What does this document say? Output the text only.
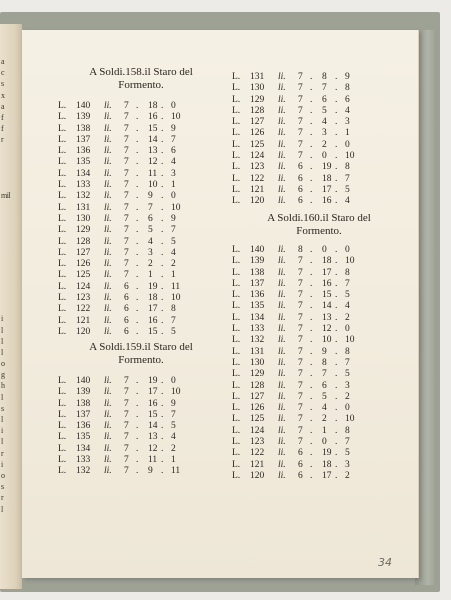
a
c
s
x
a
f
f
r
mil
i
l
l
l
o
g
h
l
s
l
i
l
r
i
o
s
r
l
A Soldi.158.il Staro del
Formento.
L. 140 li. 7 18 0
. .
L. 139 li. 7 16 10
. .
L. 138 li. 7 15 9
. .
L. 137 li. 7 14 7
. .
L. 136 li. 7 13 6
. .
L. 135 li. 7 12 4
. .
L. 134 li. 7 11 3
. .
L. 133 li. 7 10 1
. .
L. 132 li. 7 9 0
. .
L. 131 li. 7 7 10
. .
L. 130 li. 7 6 9
. .
L. 129 li. 7 5 7
. .
L. 128 li. 7 4 5
. .
L. 127 li. 7 3 4
. .
L. 126 li. 7 2 2
. .
L. 125 li. 7 1 1
. .
L. 124 li. 6 19 11
. .
L. 123 li. 6 18 10
. .
L. 122 li. 6 17 8
. .
L. 121 li. 6 16 7
. .
L. 120 li. 6 15 5
. .
A Soldi.159.il Staro del
Formento.
L. 140 li. 7 19 0
. .
L. 139 li. 7 17 10
. .
L. 138 li. 7 16 9
. .
L. 137 li. 7 15 7
. .
L. 136 li. 7 14 5
. .
L. 135 li. 7 13 4
. .
L. 134 li. 7 12 2
. .
L. 133 li. 7 11 1
. .
L. 132 li. 7 9 11
. .
L. 131 li. 7 8 9
. .
L. 130 li. 7 7 8
. .
L. 129 li. 7 6 6
. .
L. 128 li. 7 5 4
. .
L. 127 li. 7 4 3
. .
L. 126 li. 7 3 1
. .
L. 125 li. 7 2 0
. .
L. 124 li. 7 0 10
. .
L. 123 li. 6 19 8
. .
L. 122 li. 6 18 7
. .
L. 121 li. 6 17 5
. .
L. 120 li. 6 16 4
. .
A Soldi.160.il Staro del
Formento.
L. 140 li. 8 0 0
. .
L. 139 li. 7 18 10
. .
L. 138 li. 7 17 8
. .
L. 137 li. 7 16 7
. .
L. 136 li. 7 15 5
. .
L. 135 li. 7 14 4
. .
L. 134 li. 7 13 2
. .
L. 133 li. 7 12 0
. .
L. 132 li. 7 10 10
. .
L. 131 li. 7 9 8
. .
L. 130 li. 7 8 7
. .
L. 129 li. 7 7 5
. .
L. 128 li. 7 6 3
. .
L. 127 li. 7 5 2
. .
L. 126 li. 7 4 0
. .
L. 125 li. 7 2 10
. .
L. 124 li. 7 1 8
. .
L. 123 li. 7 0 7
. .
L. 122 li. 6 19 5
. .
L. 121 li. 6 18 3
. .
L. 120 li. 6 17 2
. .
34
